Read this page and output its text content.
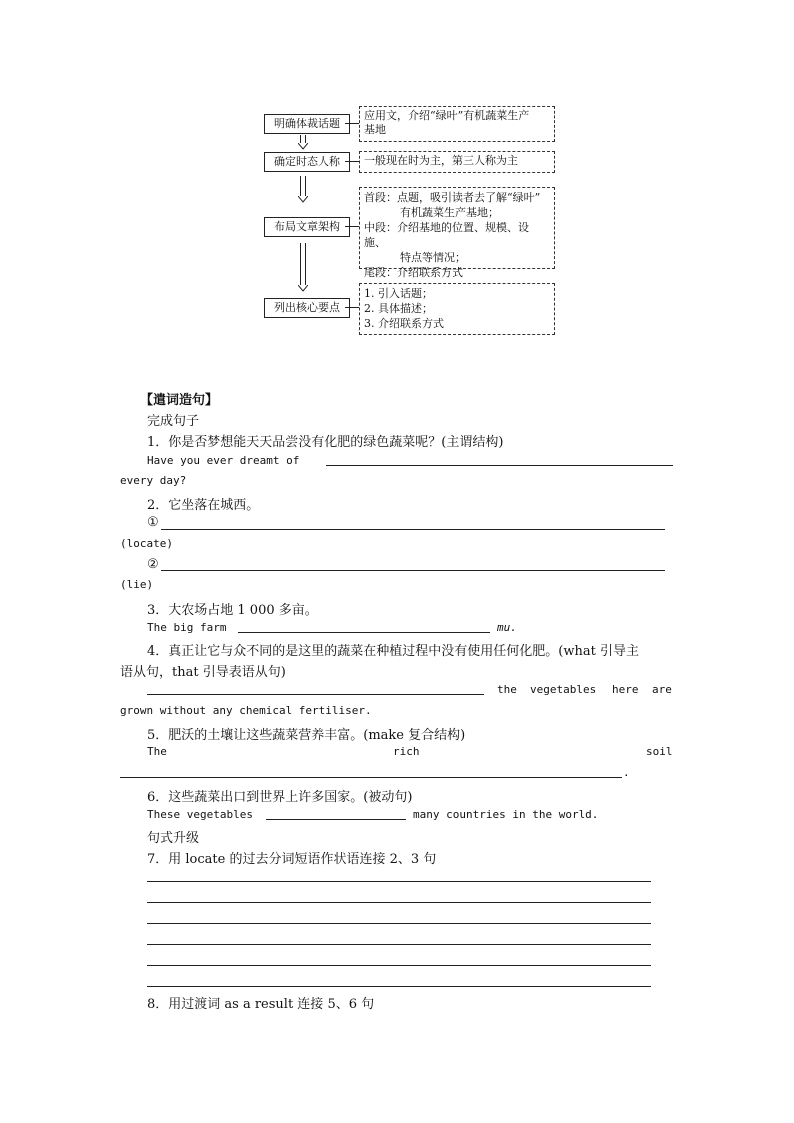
明确体裁话题
应用文，介绍“绿叶”有机蔬菜生产
基地
确定时态人称	一般现在时为主，第三人称为主
布局文章架构
首段：点题，吸引读者去了解“绿叶”
有机蔬菜生产基地；
中段：介绍基地的位置、规模、设施、
特点等情况；
尾段：介绍联系方式
列出核心要点
1. 引入话题；
2. 具体描述；
3. 介绍联系方式
【遣词造句】
完成句子
1．你是否梦想能天天品尝没有化肥的绿色蔬菜呢？(主谓结构)
Have you ever dreamt of
every day?
2．它坐落在城西。
①
(locate)
②
(lie)
3．大农场占地 1 000 多亩。
The big farm	mu.
4．真正让它与众不同的是这里的蔬菜在种植过程中没有使用任何化肥。(what 引导主
语从句，that 引导表语从句)
the vegetables here are
grown without any chemical fertiliser.
5．肥沃的土壤让这些蔬菜营养丰富。(make 复合结构)
The	rich	soil
.
6．这些蔬菜出口到世界上许多国家。(被动句)
These vegetables	many countries in the world.
句式升级
7．用 locate 的过去分词短语作状语连接 2、3 句
8．用过渡词 as a result 连接 5、6 句
